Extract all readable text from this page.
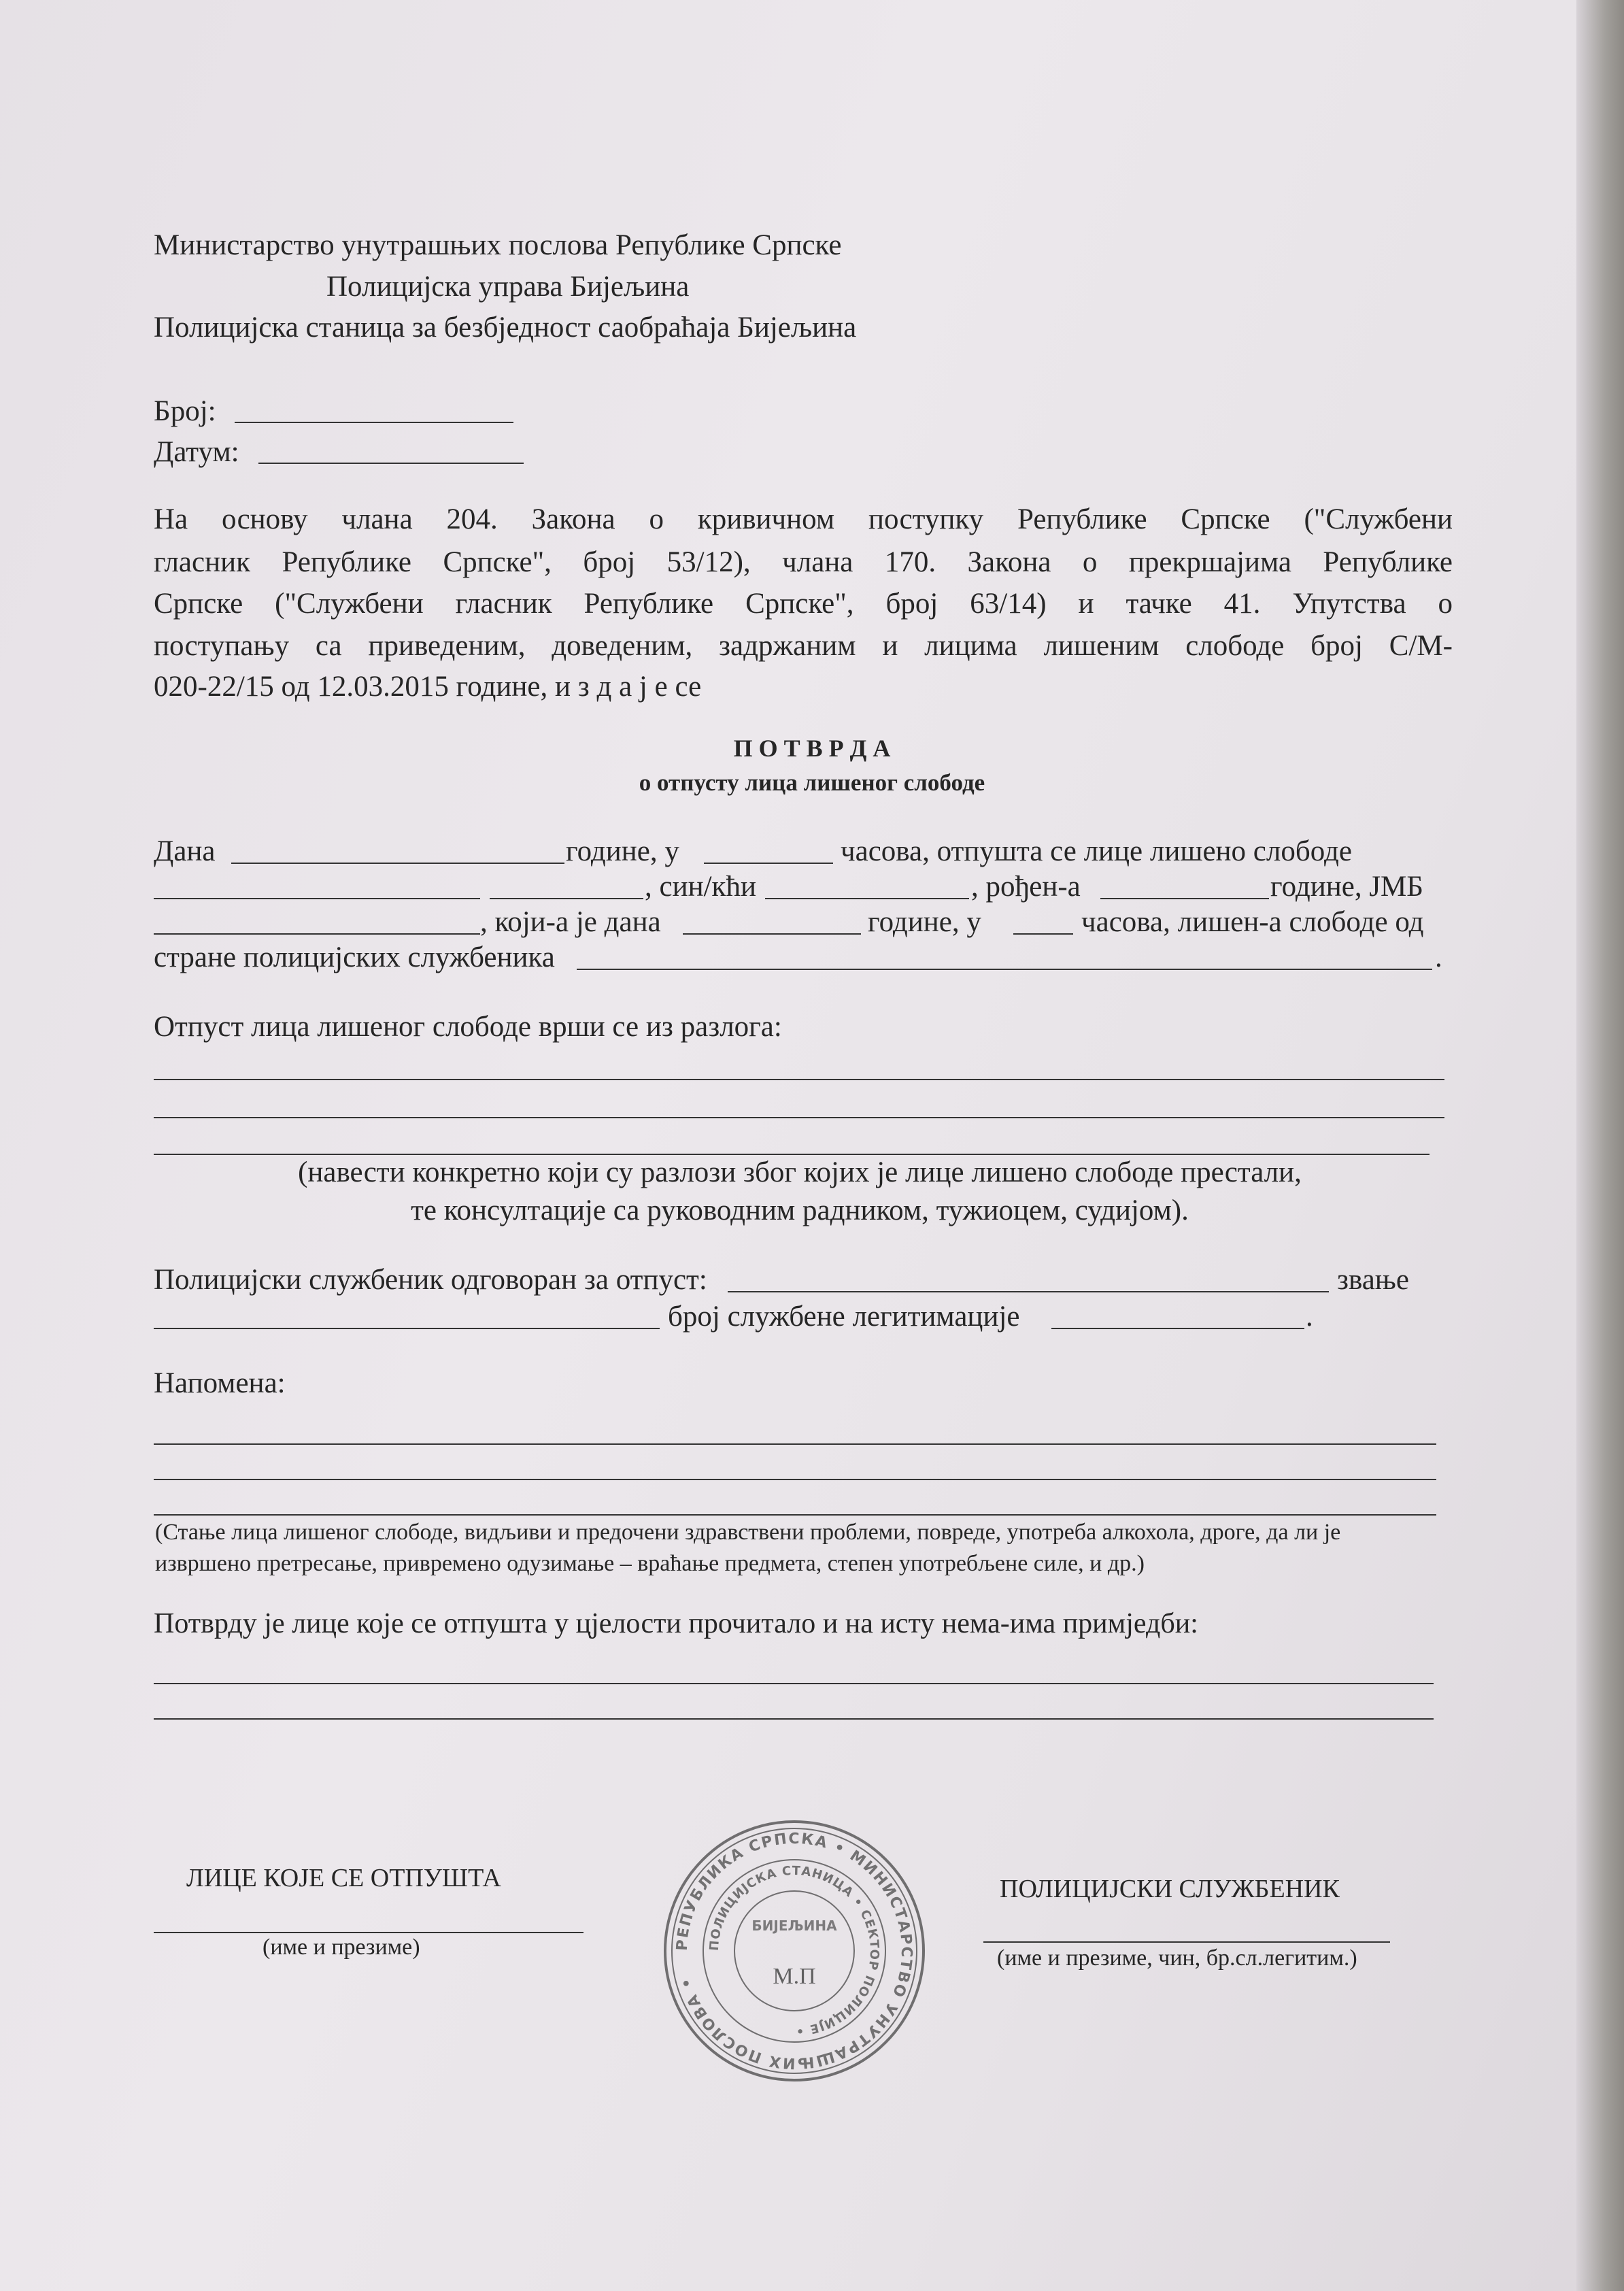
Министарство унутрашњих послова Републике Српске
Полицијска управа Бијељина
Полицијска станица за безбједност саобраћаја Бијељина
Број:
Датум:
На основу члана 204. Закона о кривичном поступку Републике Српске ("Службени
гласник Републике Српске", број 53/12), члана 170. Закона о прекршајима Републике
Српске ("Службени гласник Републике Српске", број 63/14) и тачке 41. Упутства о
поступању са приведеним, доведеним, задржаним и лицима лишеним слободе број С/М-
020-22/15 од 12.03.2015 године, и з д а ј е се
П О Т В Р Д А
о отпусту лица лишеног слободе
Дана	године, у	часова, отпушта се лице лишено слободе
, син/кћи	, рођен-а	године, ЈМБ
, који-а је дана	године, у	часова, лишен-а слободе од
стране полицијских службеника	.
Отпуст лица лишеног слободе врши се из разлога:
(навести конкретно који су разлози због којих је лице лишено слободе престали,
те консултације са руководним радником, тужиоцем, судијом).
Полицијски службеник одговоран за отпуст:	звање
број службене легитимације	.
Напомена:
(Стање лица лишеног слободе, видљиви и предочени здравствени проблеми, повреде, употреба алкохола, дроге, да ли је
извршено претресање, привремено одузимање – враћање предмета, степен употребљене силе, и др.)
Потврду је лице које се отпушта у цјелости прочитало и на исту нема-има примједби:
ЛИЦЕ КОЈЕ СЕ ОТПУШТА
(име и презиме)
ПОЛИЦИЈСКИ СЛУЖБЕНИК
(име и презиме, чин, бр.сл.легитим.)
РЕПУБЛИКА СРПСКА • МИНИСТАРСТВО УНУТРАШЊИХ ПОСЛОВА •
ПОЛИЦИЈСКА СТАНИЦА • СЕКТОР ПОЛИЦИЈЕ •
БИЈЕЉИНА
М.П
